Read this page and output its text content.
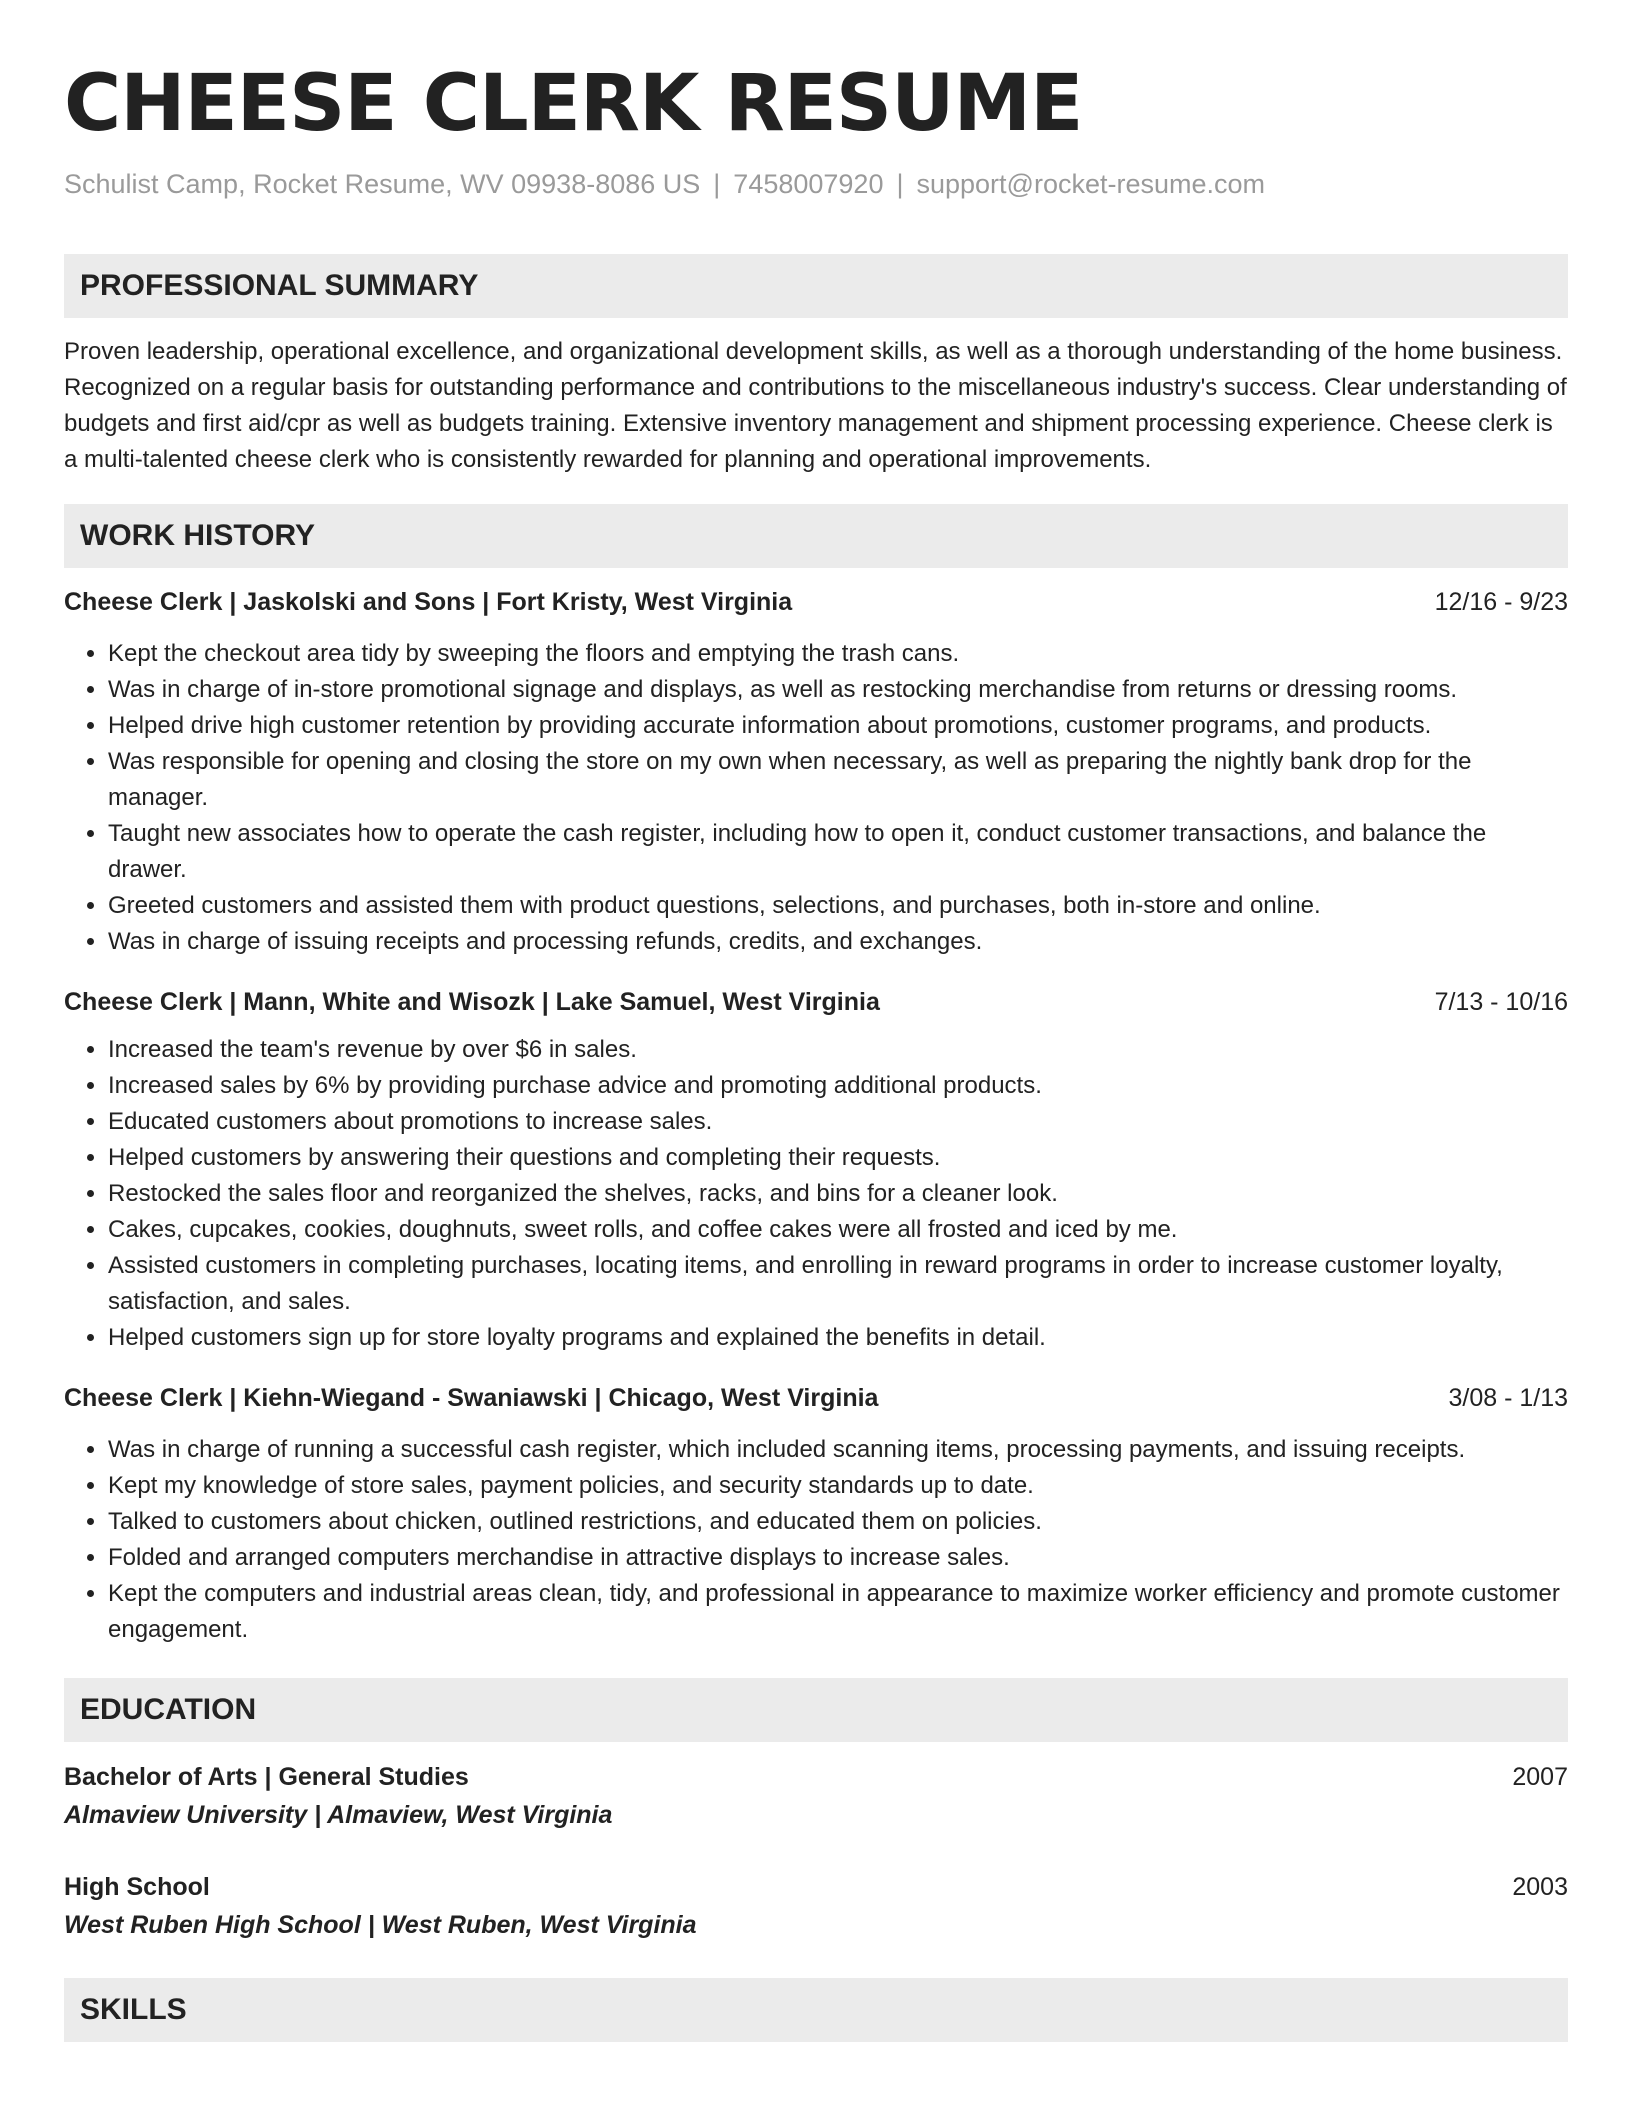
CHEESE CLERK RESUME
Schulist Camp, Rocket Resume, WV 09938-8086 US | 7458007920 | support@rocket-resume.com
PROFESSIONAL SUMMARY
Proven leadership, operational excellence, and organizational development skills, as well as a thorough understanding of the home business. Recognized on a regular basis for outstanding performance and contributions to the miscellaneous industry's success. Clear understanding of budgets and first aid/cpr as well as budgets training. Extensive inventory management and shipment processing experience. Cheese clerk is a multi-talented cheese clerk who is consistently rewarded for planning and operational improvements.
WORK HISTORY
Cheese Clerk | Jaskolski and Sons | Fort Kristy, West Virginia	12/16 - 9/23
• Kept the checkout area tidy by sweeping the floors and emptying the trash cans.
• Was in charge of in-store promotional signage and displays, as well as restocking merchandise from returns or dressing rooms.
• Helped drive high customer retention by providing accurate information about promotions, customer programs, and products.
• Was responsible for opening and closing the store on my own when necessary, as well as preparing the nightly bank drop for the manager.
• Taught new associates how to operate the cash register, including how to open it, conduct customer transactions, and balance the drawer.
• Greeted customers and assisted them with product questions, selections, and purchases, both in-store and online.
• Was in charge of issuing receipts and processing refunds, credits, and exchanges.
Cheese Clerk | Mann, White and Wisozk | Lake Samuel, West Virginia	7/13 - 10/16
• Increased the team's revenue by over $6 in sales.
• Increased sales by 6% by providing purchase advice and promoting additional products.
• Educated customers about promotions to increase sales.
• Helped customers by answering their questions and completing their requests.
• Restocked the sales floor and reorganized the shelves, racks, and bins for a cleaner look.
• Cakes, cupcakes, cookies, doughnuts, sweet rolls, and coffee cakes were all frosted and iced by me.
• Assisted customers in completing purchases, locating items, and enrolling in reward programs in order to increase customer loyalty, satisfaction, and sales.
• Helped customers sign up for store loyalty programs and explained the benefits in detail.
Cheese Clerk | Kiehn-Wiegand - Swaniawski | Chicago, West Virginia	3/08 - 1/13
• Was in charge of running a successful cash register, which included scanning items, processing payments, and issuing receipts.
• Kept my knowledge of store sales, payment policies, and security standards up to date.
• Talked to customers about chicken, outlined restrictions, and educated them on policies.
• Folded and arranged computers merchandise in attractive displays to increase sales.
• Kept the computers and industrial areas clean, tidy, and professional in appearance to maximize worker efficiency and promote customer engagement.
EDUCATION
Bachelor of Arts | General Studies	2007
Almaview University | Almaview, West Virginia
High School	2003
West Ruben High School | West Ruben, West Virginia
SKILLS
